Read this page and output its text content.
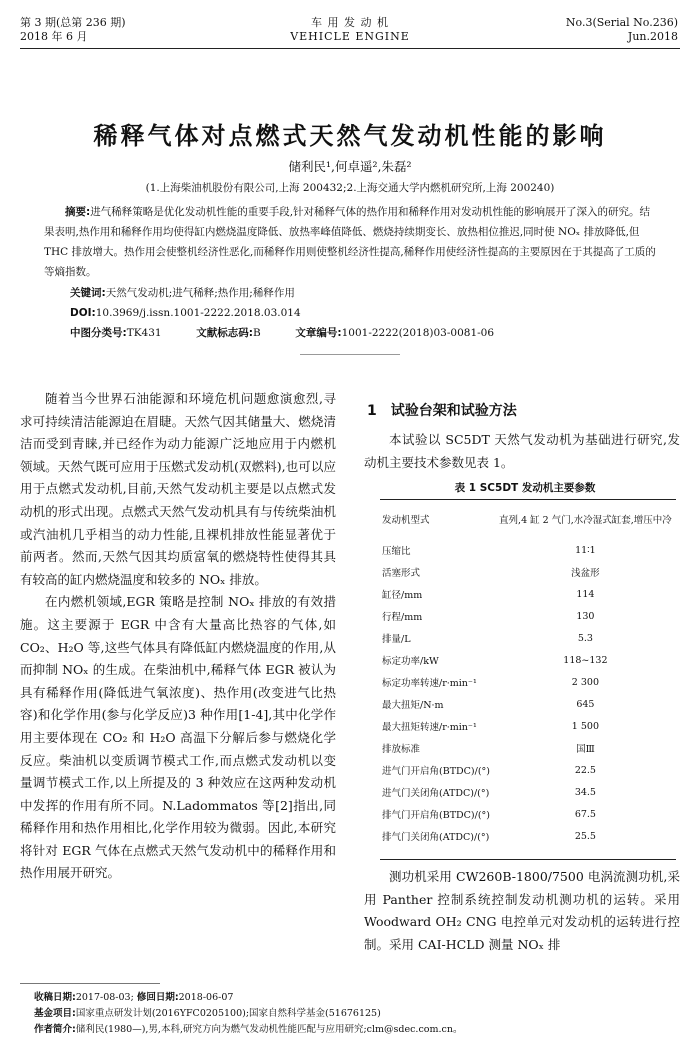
第 3 期(总第 236 期)
2018 年 6 月
车 用 发 动 机
VEHICLE ENGINE
No.3(Serial No.236)
Jun.2018
稀释气体对点燃式天然气发动机性能的影响
储利民¹,何卓遥²,朱磊²
(1.上海柴油机股份有限公司,上海 200432;2.上海交通大学内燃机研究所,上海 200240)
摘要:进气稀释策略是优化发动机性能的重要手段,针对稀释气体的热作用和稀释作用对发动机性能的影响展开了深入的研究。结果表明,热作用和稀释作用均使得缸内燃烧温度降低、放热率峰值降低、燃烧持续期变长、放热相位推迟,同时使 NOₓ 排放降低,但 THC 排放增大。热作用会使整机经济性恶化,而稀释作用则使整机经济性提高,稀释作用使经济性提高的主要原因在于其提高了工质的等熵指数。
关键词:天然气发动机;进气稀释;热作用;稀释作用
DOI:10.3969/j.issn.1001-2222.2018.03.014
中图分类号:TK431	文献标志码:B	文章编号:1001-2222(2018)03-0081-06

随着当今世界石油能源和环境危机问题愈演愈烈,寻求可持续清洁能源迫在眉睫。天然气因其储量大、燃烧清洁而受到青睐,并已经作为动力能源广泛地应用于内燃机领域。天然气既可应用于压燃式发动机(双燃料),也可以应用于点燃式发动机,目前,天然气发动机主要是以点燃式发动机的形式出现。点燃式天然气发动机具有与传统柴油机或汽油机几乎相当的动力性能,且裸机排放性能显著优于前两者。然而,天然气因其均质富氧的燃烧特性使得其具有较高的缸内燃烧温度和较多的 NOₓ 排放。

在内燃机领域,EGR 策略是控制 NOₓ 排放的有效措施。这主要源于 EGR 中含有大量高比热容的气体,如 CO₂、H₂O 等,这些气体具有降低缸内燃烧温度的作用,从而抑制 NOₓ 的生成。在柴油机中,稀释气体 EGR 被认为具有稀释作用(降低进气氧浓度)、热作用(改变进气比热容)和化学作用(参与化学反应)3 种作用[1-4],其中化学作用主要体现在 CO₂ 和 H₂O 高温下分解后参与燃烧化学反应。柴油机以变质调节模式工作,而点燃式发动机以变量调节模式工作,以上所提及的 3 种效应在这两种发动机中发挥的作用有所不同。N.Ladommatos 等[2]指出,同稀释作用和热作用相比,化学作用较为微弱。因此,本研究将针对 EGR 气体在点燃式天然气发动机中的稀释作用和热作用展开研究。

1 试验台架和试验方法

本试验以 SC5DT 天然气发动机为基础进行研究,发动机主要技术参数见表 1。

表 1 SC5DT 发动机主要参数
发动机型式	直列,4 缸 2 气门,水冷湿式缸套,增压中冷
压缩比	11∶1
活塞形式	浅盆形
缸径/mm	114
行程/mm	130
排量/L	5.3
标定功率/kW	118~132
标定功率转速/r·min⁻¹	2 300
最大扭矩/N·m	645
最大扭矩转速/r·min⁻¹	1 500
排放标准	国Ⅲ
进气门开启角(BTDC)/(°)	22.5
进气门关闭角(ATDC)/(°)	34.5
排气门开启角(BTDC)/(°)	67.5
排气门关闭角(ATDC)/(°)	25.5

测功机采用 CW260B-1800/7500 电涡流测功机,采用 Panther 控制系统控制发动机测功机的运转。采用 Woodward OH₂ CNG 电控单元对发动机的运转进行控制。采用 CAI-HCLD 测量 NOₓ 排

收稿日期:2017-08-03; 修回日期:2018-06-07
基金项目:国家重点研发计划(2016YFC0205100);国家自然科学基金(51676125)
作者简介:储利民(1980—),男,本科,研究方向为燃气发动机性能匹配与应用研究;clm@sdec.com.cn。
